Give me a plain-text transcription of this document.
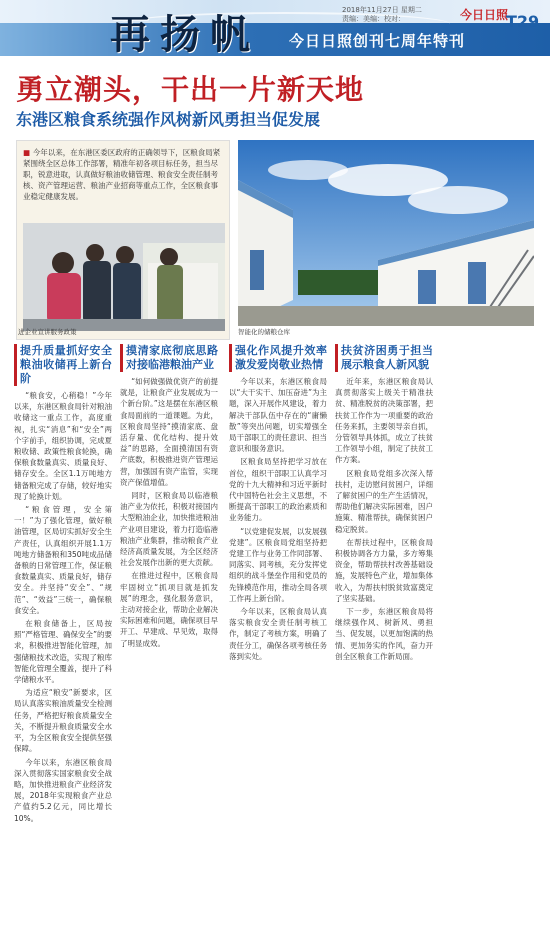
再扬帆 今日日照创刊七周年特刊
2018年11月27日 星期二
责编：美编：校对：	今日日照
T29
勇立潮头，干出一片新天地
东港区粮食系统强作风树新风勇担当促发展
■ 今年以来，在东港区委区政府的正确领导下，区粮食局紧紧围绕全区总体工作部署，精准年初各项目标任务，担当尽职，锐意进取，认真做好粮油收储管理、粮食安全责任制考核、资产管理运营、粮油产业招商等重点工作，全区粮食事业稳定健康发展。
进企业宣讲服务政策	智能化的储粮仓库
提升质量抓好安全 粮油收储再上新台阶

“粮食安，心稍稳！”今年以来，东港区粮食局针对粮油收储这一重点工作，高度重视，扎实“消息”和“安全”两个字前手，组织协调，完成夏粮收储、政策性粮食轮换，确保粮食数量真实、质量良好、储存安全。全区1.1万吨地方储备粮完成了存储，较好地实现了轮换计划。

“粮食管理，安全第一！”为了强化管理，做好粮油管理，区局切实抓好安全生产责任，认真组织开展1.1万吨地方储备粮和350吨成品储备粮的日常管理工作，保证粮食数量真实、质量良好，储存安全。并坚持“安全”、“规范”、“效益”三统一，确保粮食安全。

在粮食储备上，区局按照“严格管理、确保安全”的要求，积极推进智能化管理，加强储粮技术改造，实现了粮库智能化管理全覆盖，提升了科学储粮水平。

为适应“粮安”新要求，区局认真落实粮油质量安全检测任务，严格把好粮食质量安全关，不断提升粮食质量安全水平，为全区粮食安全提供坚强保障。

今年以来，东港区粮食局深入贯彻落实国家粮食安全战略，加快推进粮食产业经济发展，2018年实现粮食产业总产值约5.2亿元，同比增长10%。

摸清家底彻底思路 对接临港粮油产业

“如何做强做优资产的前提就是，让粮食产业发展成为一个新台阶。”这是摆在东港区粮食局面前的一道课题。为此，区粮食局坚持“摸清家底、盘活存量、优化结构、提升效益”的思路，全面摸清国有资产底数，积极推进资产管理运营，加强国有资产监管，实现资产保值增值。

同时，区粮食局以临港粮油产业为依托，积极对接国内大型粮油企业，加快推进粮油产业项目建设，着力打造临港粮油产业集群，推动粮食产业经济高质量发展，为全区经济社会发展作出新的更大贡献。

在推进过程中，区粮食局牢固树立“抓项目就是抓发展”的理念，强化服务意识，主动对接企业，帮助企业解决实际困难和问题，确保项目早开工、早建成、早见效，取得了明显成效。

强化作风提升效率 激发爱岗敬业热情

今年以来，东港区粮食局以“大干实干、加压奋进”为主题，深入开展作风建设，着力解决干部队伍中存在的“庸懒散”等突出问题，切实增强全局干部职工的责任意识、担当意识和服务意识。

区粮食局坚持把学习放在首位，组织干部职工认真学习党的十九大精神和习近平新时代中国特色社会主义思想，不断提高干部职工的政治素质和业务能力。

“以党建促发展，以发展强党建”。区粮食局党组坚持把党建工作与业务工作同部署、同落实、同考核，充分发挥党组织的战斗堡垒作用和党员的先锋模范作用，推动全局各项工作再上新台阶。

今年以来，区粮食局认真落实粮食安全责任制考核工作，制定了考核方案，明确了责任分工，确保各项考核任务落到实处。

扶贫济困勇于担当 展示粮食人新风貌

近年来，东港区粮食局认真贯彻落实上级关于精准扶贫、精准脱贫的决策部署，把扶贫工作作为一项重要的政治任务来抓，主要领导亲自抓，分管领导具体抓，成立了扶贫工作领导小组，制定了扶贫工作方案。

区粮食局党组多次深入帮扶村，走访慰问贫困户，详细了解贫困户的生产生活情况，帮助他们解决实际困难，因户施策、精准帮扶，确保贫困户稳定脱贫。

在帮扶过程中，区粮食局积极协调各方力量，多方筹集资金，帮助帮扶村改善基础设施，发展特色产业，增加集体收入，为帮扶村脱贫致富奠定了坚实基础。

下一步，东港区粮食局将继续强作风、树新风、勇担当、促发展，以更加饱满的热情、更加务实的作风，奋力开创全区粮食工作新局面。
